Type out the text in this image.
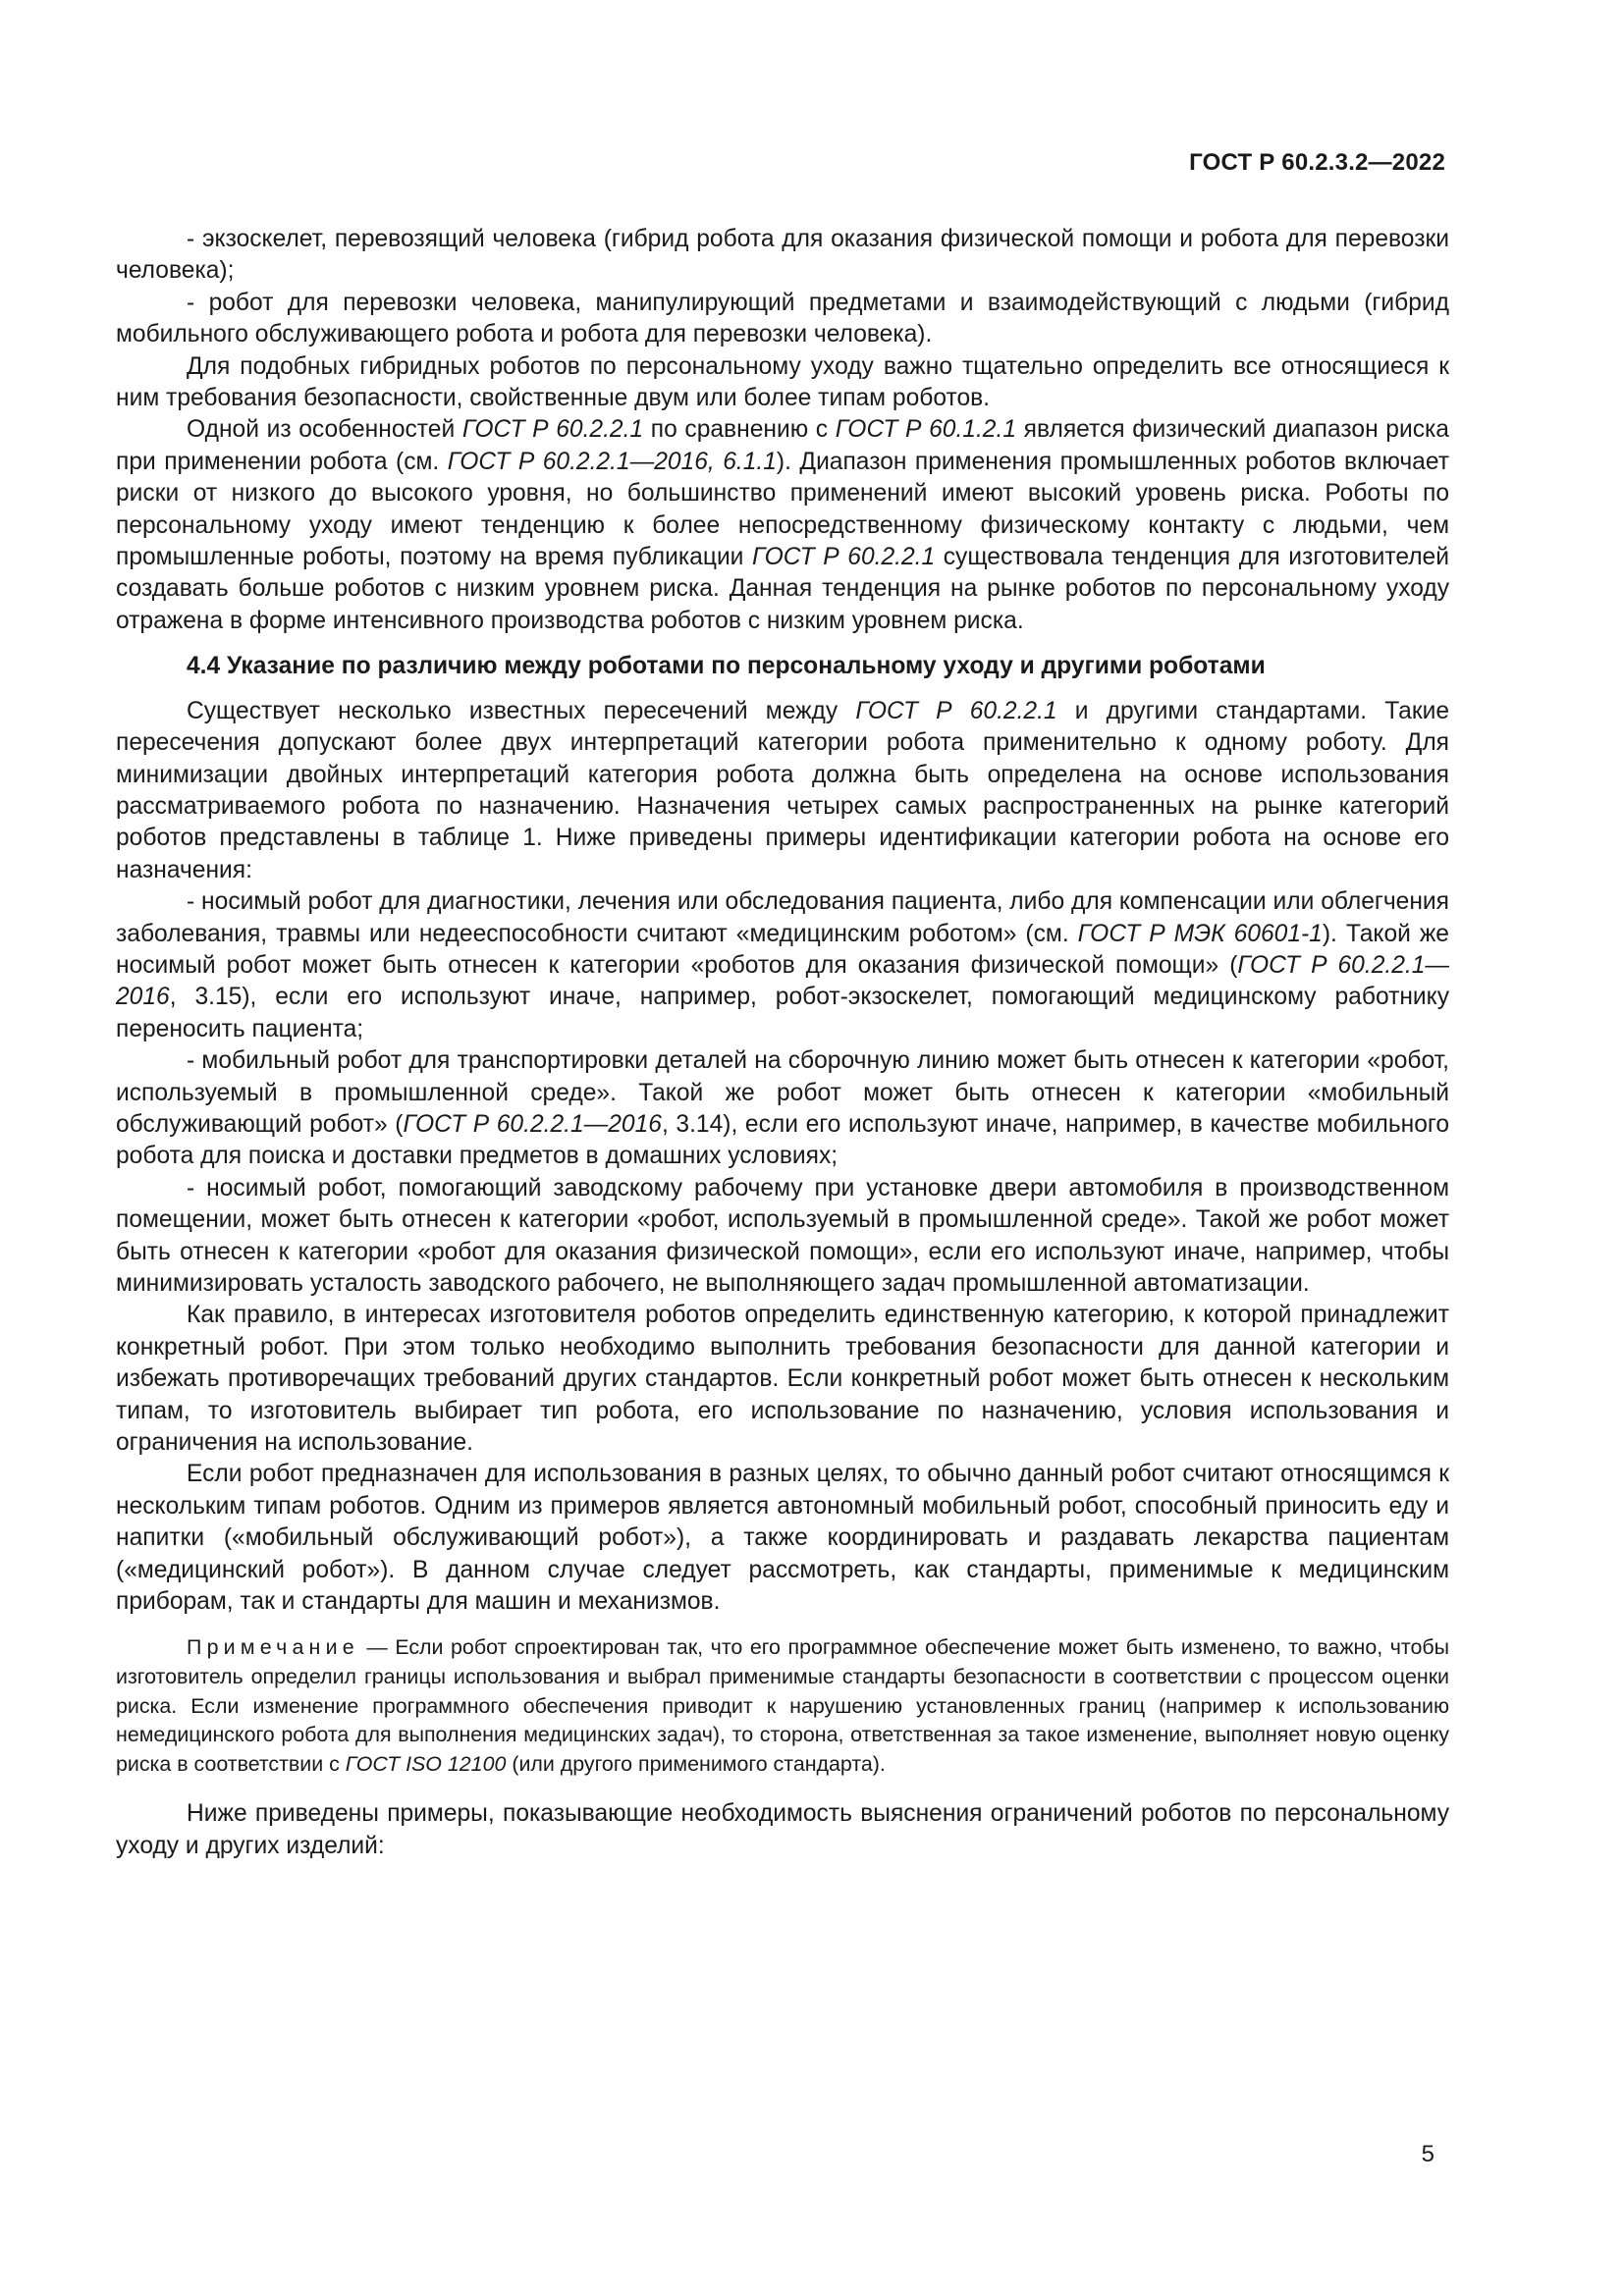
ГОСТ Р 60.2.3.2—2022

- экзоскелет, перевозящий человека (гибрид робота для оказания физической помощи и робота для перевозки человека);

- робот для перевозки человека, манипулирующий предметами и взаимодействующий с людьми (гибрид мобильного обслуживающего робота и робота для перевозки человека).

Для подобных гибридных роботов по персональному уходу важно тщательно определить все относящиеся к ним требования безопасности, свойственные двум или более типам роботов.

Одной из особенностей ГОСТ Р 60.2.2.1 по сравнению с ГОСТ Р 60.1.2.1 является физический диапазон риска при применении робота (см. ГОСТ Р 60.2.2.1—2016, 6.1.1). Диапазон применения промышленных роботов включает риски от низкого до высокого уровня, но большинство применений имеют высокий уровень риска. Роботы по персональному уходу имеют тенденцию к более непосредственному физическому контакту с людьми, чем промышленные роботы, поэтому на время публикации ГОСТ Р 60.2.2.1 существовала тенденция для изготовителей создавать больше роботов с низким уровнем риска. Данная тенденция на рынке роботов по персональному уходу отражена в форме интенсивного производства роботов с низким уровнем риска.

4.4 Указание по различию между роботами по персональному уходу и другими роботами

Существует несколько известных пересечений между ГОСТ Р 60.2.2.1 и другими стандартами. Такие пересечения допускают более двух интерпретаций категории робота применительно к одному роботу. Для минимизации двойных интерпретаций категория робота должна быть определена на основе использования рассматриваемого робота по назначению. Назначения четырех самых распространенных на рынке категорий роботов представлены в таблице 1. Ниже приведены примеры идентификации категории робота на основе его назначения:

- носимый робот для диагностики, лечения или обследования пациента, либо для компенсации или облегчения заболевания, травмы или недееспособности считают «медицинским роботом» (см. ГОСТ Р МЭК 60601-1). Такой же носимый робот может быть отнесен к категории «роботов для оказания физической помощи» (ГОСТ Р 60.2.2.1—2016, 3.15), если его используют иначе, например, робот-экзоскелет, помогающий медицинскому работнику переносить пациента;

- мобильный робот для транспортировки деталей на сборочную линию может быть отнесен к категории «робот, используемый в промышленной среде». Такой же робот может быть отнесен к категории «мобильный обслуживающий робот» (ГОСТ Р 60.2.2.1—2016, 3.14), если его используют иначе, например, в качестве мобильного робота для поиска и доставки предметов в домашних условиях;

- носимый робот, помогающий заводскому рабочему при установке двери автомобиля в производственном помещении, может быть отнесен к категории «робот, используемый в промышленной среде». Такой же робот может быть отнесен к категории «робот для оказания физической помощи», если его используют иначе, например, чтобы минимизировать усталость заводского рабочего, не выполняющего задач промышленной автоматизации.

Как правило, в интересах изготовителя роботов определить единственную категорию, к которой принадлежит конкретный робот. При этом только необходимо выполнить требования безопасности для данной категории и избежать противоречащих требований других стандартов. Если конкретный робот может быть отнесен к нескольким типам, то изготовитель выбирает тип робота, его использование по назначению, условия использования и ограничения на использование.

Если робот предназначен для использования в разных целях, то обычно данный робот считают относящимся к нескольким типам роботов. Одним из примеров является автономный мобильный робот, способный приносить еду и напитки («мобильный обслуживающий робот»), а также координировать и раздавать лекарства пациентам («медицинский робот»). В данном случае следует рассмотреть, как стандарты, применимые к медицинским приборам, так и стандарты для машин и механизмов.

Примечание — Если робот спроектирован так, что его программное обеспечение может быть изменено, то важно, чтобы изготовитель определил границы использования и выбрал применимые стандарты безопасности в соответствии с процессом оценки риска. Если изменение программного обеспечения приводит к нарушению установленных границ (например к использованию немедицинского робота для выполнения медицинских задач), то сторона, ответственная за такое изменение, выполняет новую оценку риска в соответствии с ГОСТ ISO 12100 (или другого применимого стандарта).

Ниже приведены примеры, показывающие необходимость выяснения ограничений роботов по персональному уходу и других изделий:

5
